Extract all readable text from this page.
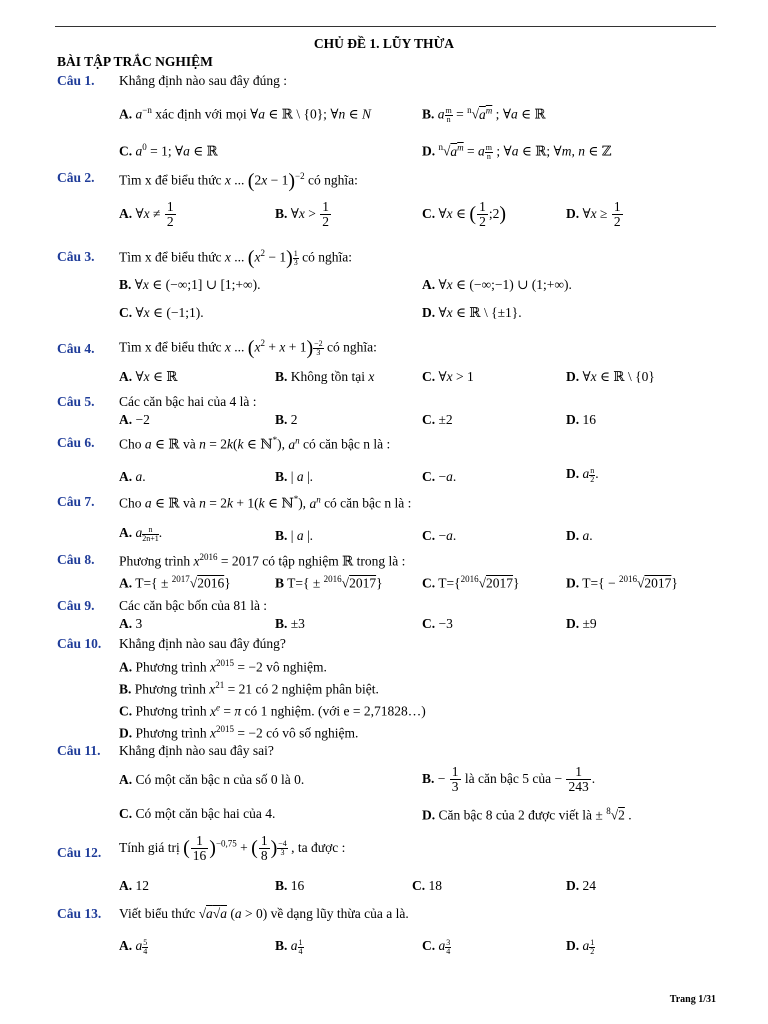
CHỦ ĐỀ 1. LŨY THỪA
BÀI TẬP TRẮC NGHIỆM
Câu 1.	Khẳng định nào sau đây đúng :
A. $a^{-n}$ xác định với mọi ∀a ∈ ℝ \ {0}; ∀n ∈ N	B. a $\frac{m}{n} = ^n√a^m$ ; ∀a ∈ ℝ
C. $a^0 = 1$; ∀a ∈ ℝ	D. $^n√a^m = a \frac{m}{n}$ ; ∀a ∈ ℝ; ∀m, n ∈ ℤ
Câu 2.	Tìm x để biểu thức x ... $(2x - 1)^{-2}$ có nghĩa:
A. ∀x ≠ $\frac{1}{2}$	B. ∀x > $\frac{1}{2}$	C. ∀x ∈ ( $\frac{1}{2}$ ;2)	D. ∀x ≥ $\frac{1}{2}$
Câu 3.	Tìm x để biểu thức x ... $(x^2 - 1) \frac{1}{3}$ có nghĩa:
B. ∀x ∈ (−∞;1] ∪ [1;+∞).	A. ∀x ∈ (−∞;−1) ∪ (1;+∞).
C. ∀x ∈ (−1;1).	D. ∀x ∈ ℝ \ {±1}.
Câu 4.	Tìm x để biểu thức x ... $(x^2 + x + 1) \frac{-2}{3}$ có nghĩa:
A. ∀x ∈ ℝ	B. Không tồn tại x	C. ∀x > 1	D. ∀x ∈ ℝ \ {0}
Câu 5.	Các căn bậc hai của 4 là :
A. −2	B. 2	C. ±2	D. 16
Câu 6.	Cho a ∈ ℝ và n = 2k(k ∈ ℕ*), $a^n$ có căn bậc n là :
A. a.	B. | a |.	C. −a.	D. a $\frac{n}{2}$ .
Câu 7.	Cho a ∈ ℝ và n = 2k + 1(k ∈ ℕ*), $a^n$ có căn bậc n là :
A. a $\frac{n}{2n+1}$ .	B. | a |.	C. −a.	D. a.
Câu 8.	Phương trình $x^{2016} = 2017$ có tập nghiệm ℝ trong là :
A. T={ ± $^{2017}$√2016}	B T={ ± $^{2016}$√2017}	C. T={$^{2016}$√2017}	D. T={ − $^{2016}$√2017}
Câu 9.	Các căn bậc bốn của 81 là :
A. 3	B. ±3	C. −3	D. ±9
Câu 10.	Khẳng định nào sau đây đúng?
A. Phương trình $x^{2015} = -2$ vô nghiệm.
B. Phương trình $x^{21} = 21$ có 2 nghiệm phân biệt.
C. Phương trình $x^e = \pi$ có 1 nghiệm. (với e = 2,71828…)
D. Phương trình $x^{2015} = -2$ có vô số nghiệm.
Câu 11.	Khẳng định nào sau đây sai?
A. Có một căn bậc n của số 0 là 0.	B. − $\frac{1}{3}$ là căn bậc 5 của − $\frac{1}{243}$ .
C. Có một căn bậc hai của 4.	D. Căn bậc 8 của 2 được viết là ± $^8$√2 .
Câu 12.	Tính giá trị ( $\frac{1}{16} )^{-0,75}$ + ( $\frac{1}{8}$ ) $\frac{-4}{3}$ , ta được :
A. 12	B. 16	C. 18	D. 24
Câu 13.	Viết biểu thức √a√a (a > 0) về dạng lũy thừa của a là.
A. a $\frac{5}{4}$	B. a $\frac{1}{4}$	C. a $\frac{3}{4}$	D. a $\frac{1}{2}$
Trang 1/31
